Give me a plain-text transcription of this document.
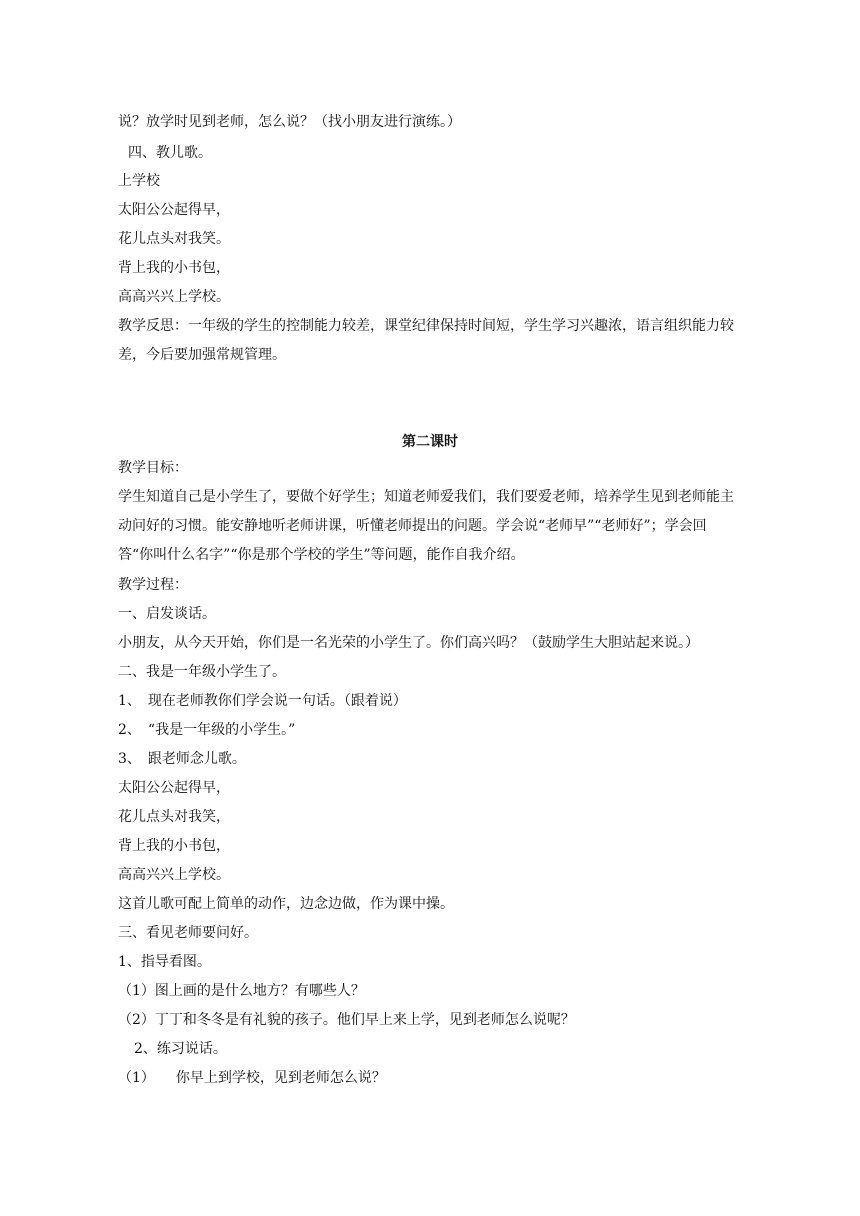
说？放学时见到老师，怎么说？（找小朋友进行演练。）
四、教儿歌。
上学校
太阳公公起得早，
花儿点头对我笑。
背上我的小书包，
高高兴兴上学校。
教学反思：一年级的学生的控制能力较差，课堂纪律保持时间短，学生学习兴趣浓，语言组织能力较差，今后要加强常规管理。
第二课时
教学目标：
学生知道自己是小学生了，要做个好学生；知道老师爱我们，我们要爱老师，培养学生见到老师能主动问好的习惯。能安静地听老师讲课，听懂老师提出的问题。学会说“老师早”“老师好”；学会回答“你叫什么名字”“你是那个学校的学生”等问题，能作自我介绍。
教学过程：
一、启发谈话。
小朋友，从今天开始，你们是一名光荣的小学生了。你们高兴吗？（鼓励学生大胆站起来说。）
二、我是一年级小学生了。
1、　现在老师教你们学会说一句话。（跟着说）
2、　“我是一年级的小学生。”
3、　跟老师念儿歌。
太阳公公起得早，
花儿点头对我笑，
背上我的小书包，
高高兴兴上学校。
这首儿歌可配上简单的动作，边念边做，作为课中操。
三、看见老师要问好。
1、指导看图。
（1）图上画的是什么地方？有哪些人？
（2）丁丁和冬冬是有礼貌的孩子。他们早上来上学，见到老师怎么说呢？
2、练习说话。
（1）　　你早上到学校，见到老师怎么说？
